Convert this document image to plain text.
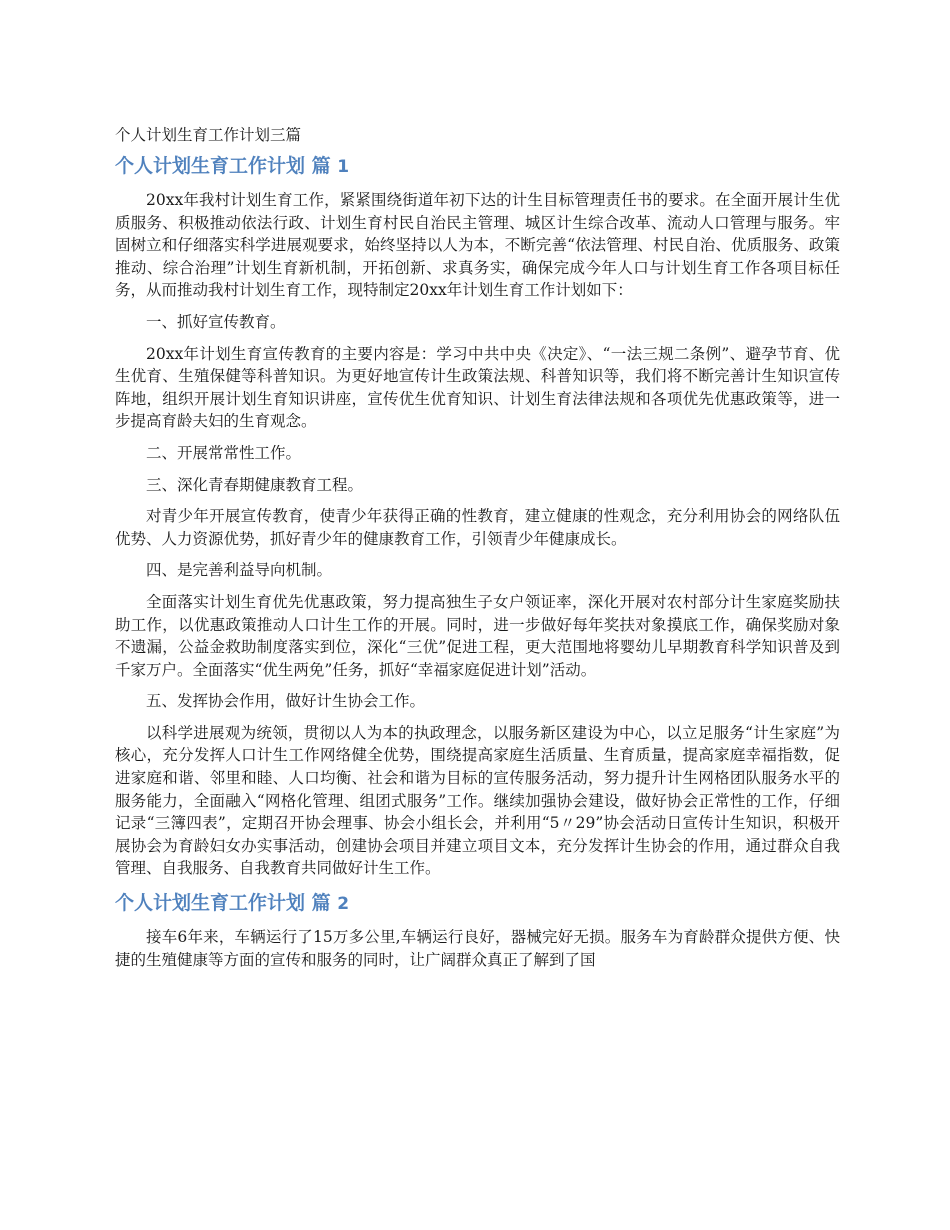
个人计划生育工作计划三篇
个人计划生育工作计划 篇 1

20xx年我村计划生育工作，紧紧围绕街道年初下达的计生目标管理责任书的要求。在全面开展计生优质服务、积极推动依法行政、计划生育村民自治民主管理、城区计生综合改革、流动人口管理与服务。牢固树立和仔细落实科学进展观要求，始终坚持以人为本，不断完善“依法管理、村民自治、优质服务、政策推动、综合治理”计划生育新机制，开拓创新、求真务实，确保完成今年人口与计划生育工作各项目标任务，从而推动我村计划生育工作，现特制定20xx年计划生育工作计划如下：

一、抓好宣传教育。

20xx年计划生育宣传教育的主要内容是：学习中共中央《决定》、“一法三规二条例”、避孕节育、优生优育、生殖保健等科普知识。为更好地宣传计生政策法规、科普知识等，我们将不断完善计生知识宣传阵地，组织开展计划生育知识讲座，宣传优生优育知识、计划生育法律法规和各项优先优惠政策等，进一步提高育龄夫妇的生育观念。

二、开展常常性工作。

三、深化青春期健康教育工程。

对青少年开展宣传教育，使青少年获得正确的性教育，建立健康的性观念，充分利用协会的网络队伍优势、人力资源优势，抓好青少年的健康教育工作，引领青少年健康成长。

四、是完善利益导向机制。

全面落实计划生育优先优惠政策，努力提高独生子女户领证率，深化开展对农村部分计生家庭奖励扶助工作，以优惠政策推动人口计生工作的开展。同时，进一步做好每年奖扶对象摸底工作，确保奖励对象不遗漏，公益金救助制度落实到位，深化“三优”促进工程，更大范围地将婴幼儿早期教育科学知识普及到千家万户。全面落实“优生两免”任务，抓好“幸福家庭促进计划”活动。

五、发挥协会作用，做好计生协会工作。

以科学进展观为统领，贯彻以人为本的执政理念，以服务新区建设为中心，以立足服务“计生家庭”为核心，充分发挥人口计生工作网络健全优势，围绕提高家庭生活质量、生育质量，提高家庭幸福指数，促进家庭和谐、邻里和睦、人口均衡、社会和谐为目标的宣传服务活动，努力提升计生网格团队服务水平的服务能力，全面融入“网格化管理、组团式服务”工作。继续加强协会建设，做好协会正常性的工作，仔细记录“三簿四表”，定期召开协会理事、协会小组长会，并利用“5〃29”协会活动日宣传计生知识，积极开展协会为育龄妇女办实事活动，创建协会项目并建立项目文本，充分发挥计生协会的作用，通过群众自我管理、自我服务、自我教育共同做好计生工作。

个人计划生育工作计划 篇 2

接车6年来，车辆运行了15万多公里,车辆运行良好，器械完好无损。服务车为育龄群众提供方便、快捷的生殖健康等方面的宣传和服务的同时，让广阔群众真正了解到了国
